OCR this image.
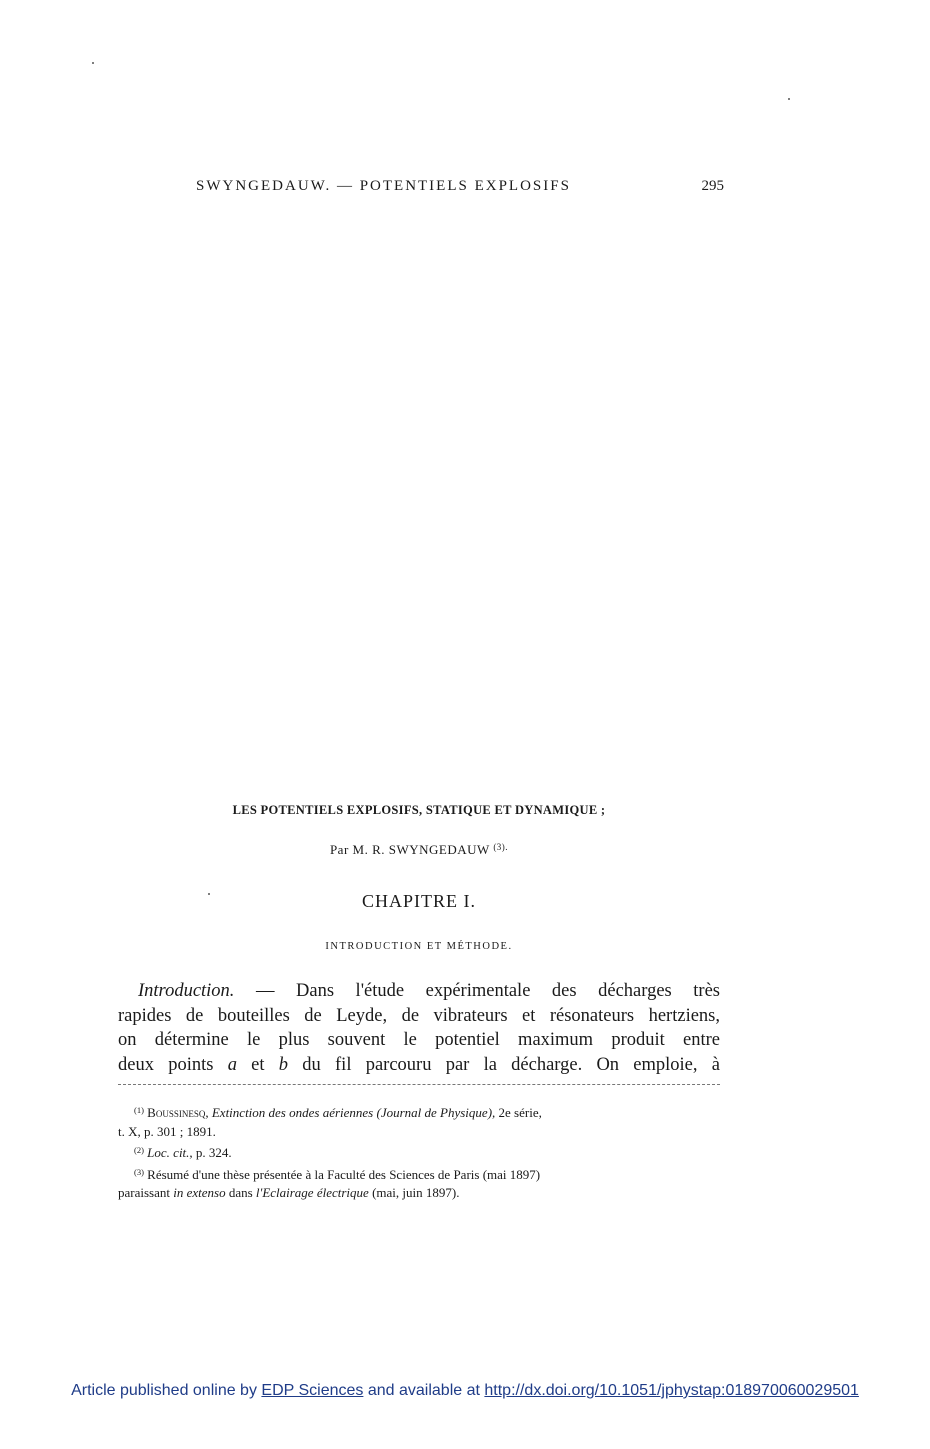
SWYNGEDAUW. — POTENTIELS EXPLOSIFS	295
LES POTENTIELS EXPLOSIFS, STATIQUE ET DYNAMIQUE ;
Par M. R. SWYNGEDAUW $^{(3).}$
CHAPITRE I.
INTRODUCTION ET MÉTHODE.
Introduction. — Dans l'étude expérimentale des décharges très
rapides de bouteilles de Leyde, de vibrateurs et résonateurs hertziens,
on détermine le plus souvent le potentiel maximum produit entre
deux points a et b du fil parcouru par la décharge. On emploie, à
$^{(1)}$ Boussinesq, Extinction des ondes aériennes (Journal de Physique), 2e série,
t. X, p. 301 ; 1891.
$^{(2)}$ Loc. cit., p. 324.
$^{(3)}$ Résumé d'une thèse présentée à la Faculté des Sciences de Paris (mai 1897)
paraissant in extenso dans l'Eclairage électrique (mai, juin 1897).
Article published online by EDP Sciences and available at http://dx.doi.org/10.1051/jphystap:018970060029501
